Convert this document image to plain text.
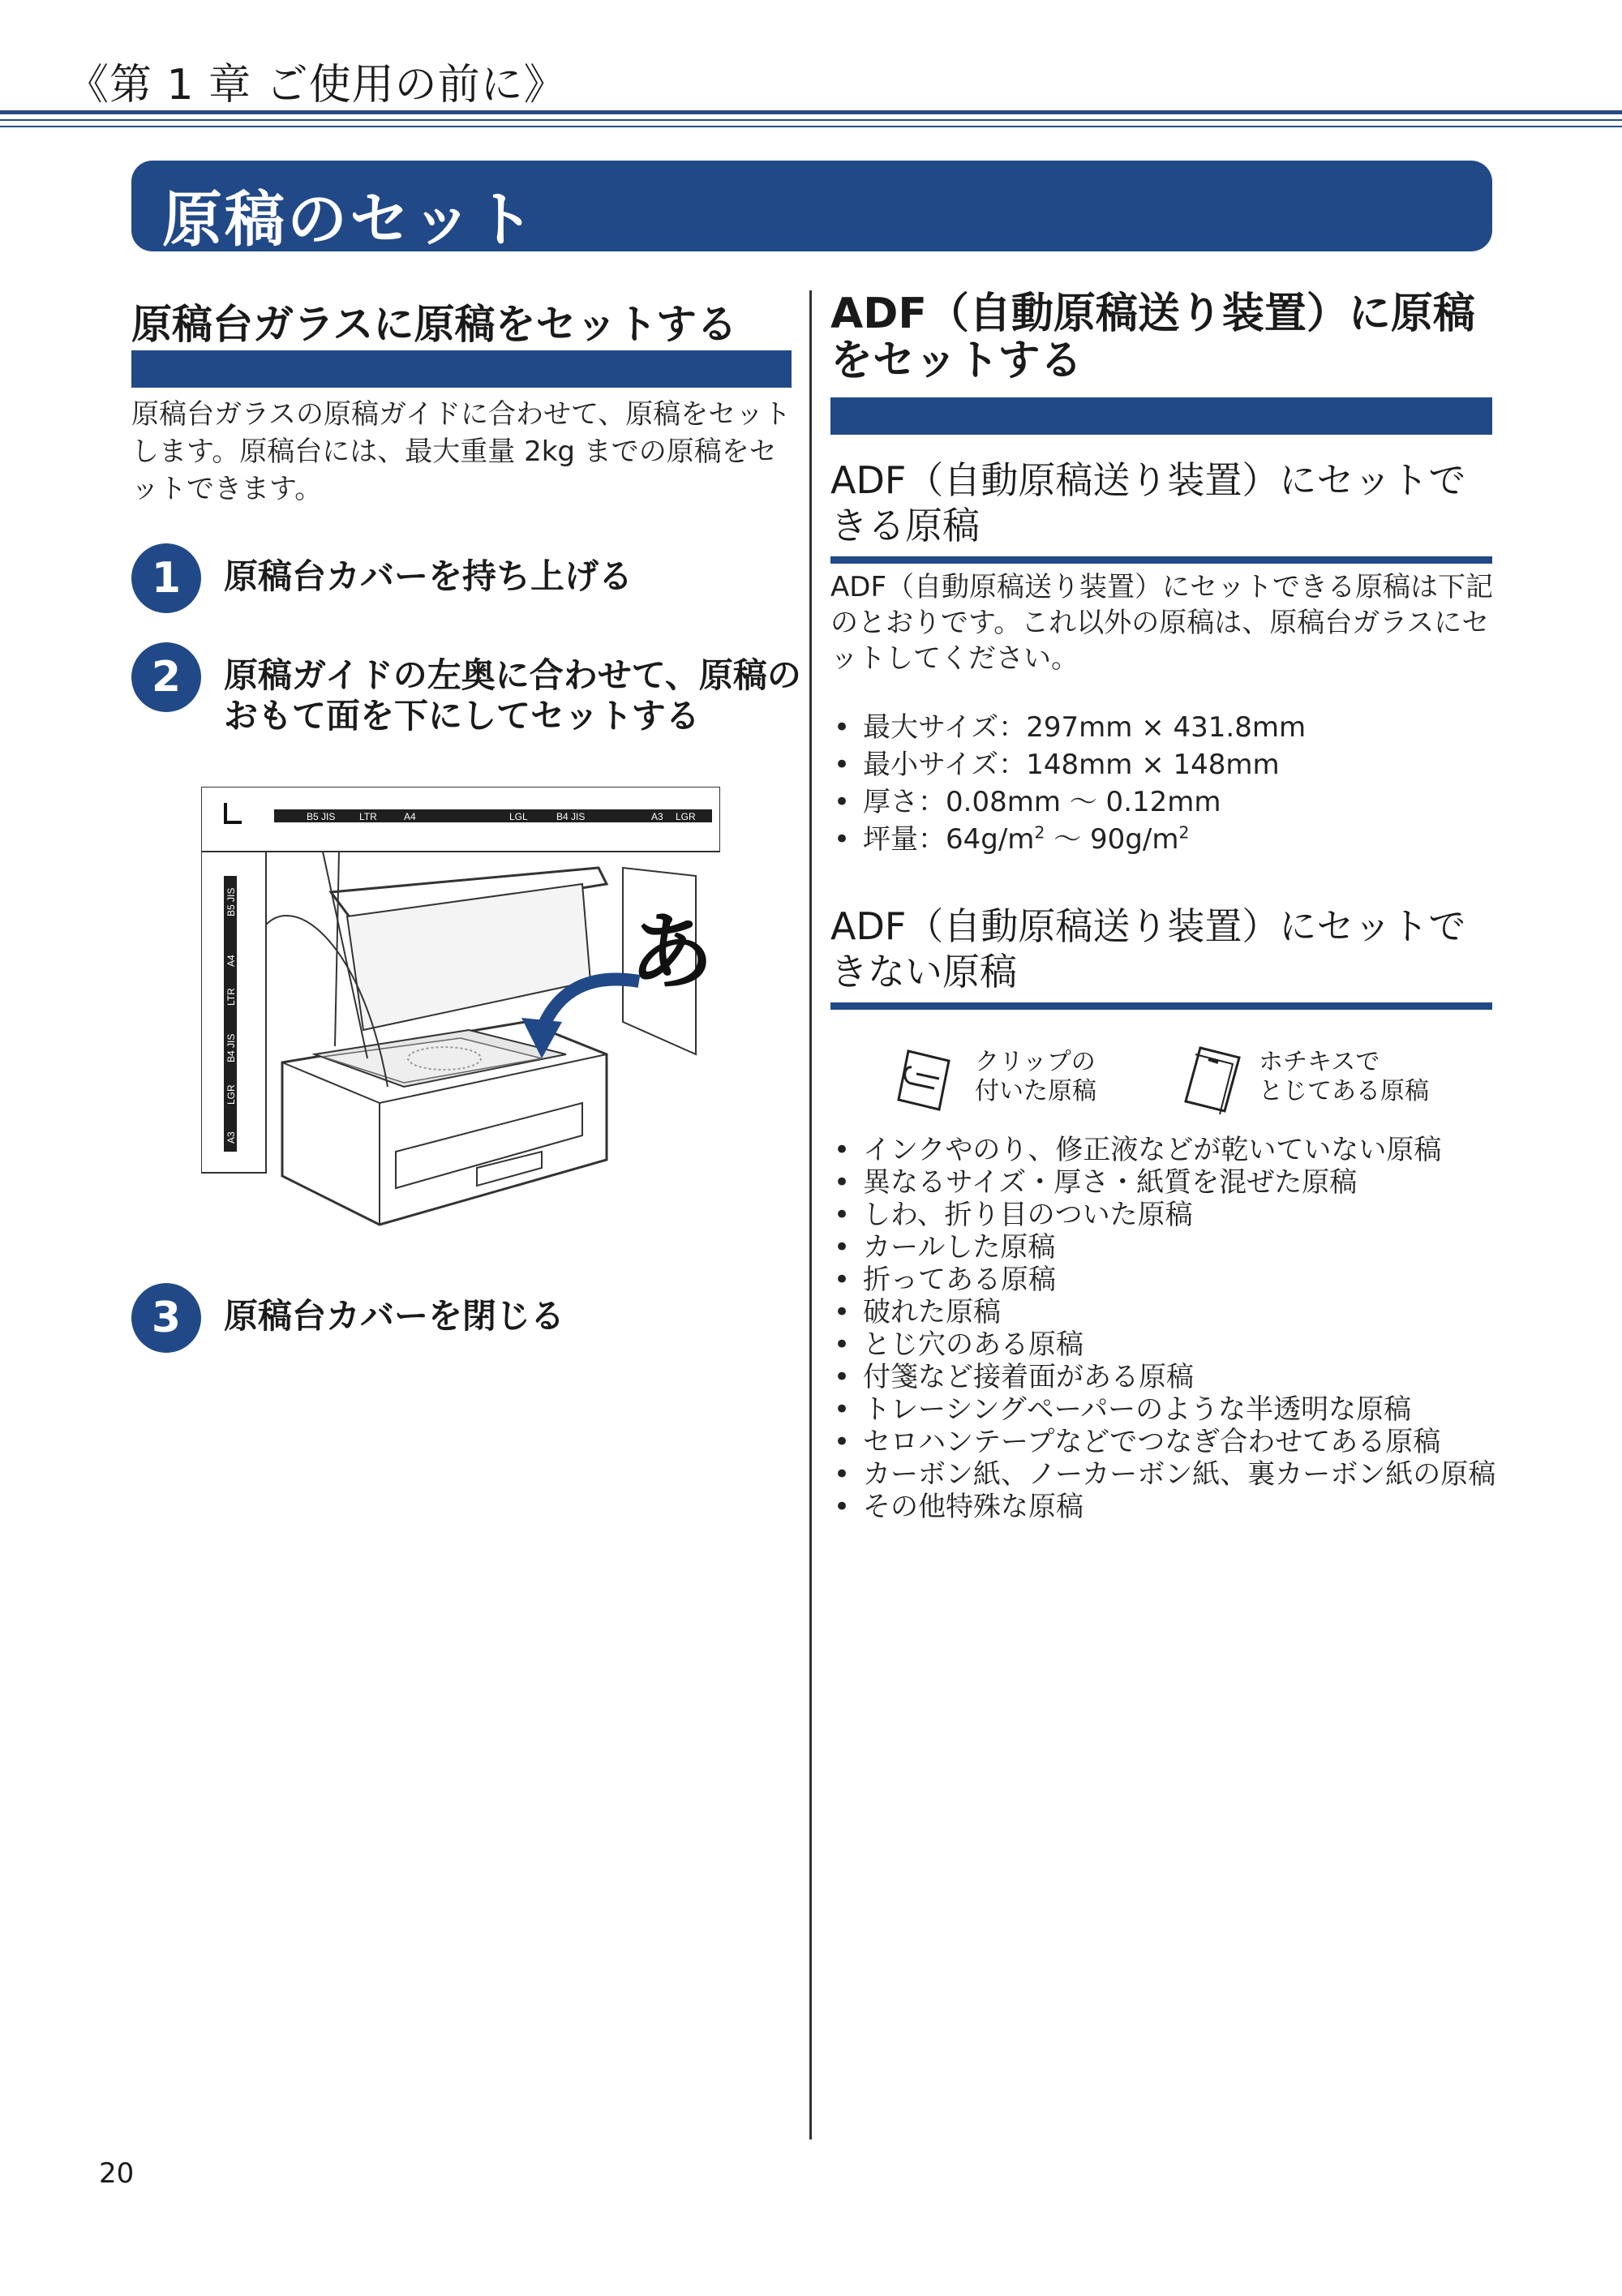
《第 1 章 ご使用の前に》
原稿のセット
原稿台ガラスに原稿をセットする
原稿台ガラスの原稿ガイドに合わせて、原稿をセットします。原稿台には、最大重量 2kg までの原稿をセットできます。
1	原稿台カバーを持ち上げる
2	原稿ガイドの左奥に合わせて、原稿のおもて面を下にしてセットする
B5 JIS LTR	A4	LGL	B4 JIS	A3 LGR
B5 JIS
A4
LTR
B4 JIS
LGR
A3
あ
3	原稿台カバーを閉じる
ADF（自動原稿送り装置）に原稿をセットする
ADF（自動原稿送り装置）にセットできる原稿
ADF（自動原稿送り装置）にセットできる原稿は下記のとおりです。これ以外の原稿は、原稿台ガラスにセットしてください。
• 最大サイズ：297mm × 431.8mm
• 最小サイズ：148mm × 148mm
• 厚さ：0.08mm 〜 0.12mm
• 坪量：$64g/m^2$ 〜 $90g/m^2$
ADF（自動原稿送り装置）にセットできない原稿
クリップの
付いた原稿
ホチキスで
とじてある原稿
• インクやのり、修正液などが乾いていない原稿
• 異なるサイズ・厚さ・紙質を混ぜた原稿
• しわ、折り目のついた原稿
• カールした原稿
• 折ってある原稿
• 破れた原稿
• とじ穴のある原稿
• 付箋など接着面がある原稿
• トレーシングペーパーのような半透明な原稿
• セロハンテープなどでつなぎ合わせてある原稿
• カーボン紙、ノーカーボン紙、裏カーボン紙の原稿
• その他特殊な原稿
20
